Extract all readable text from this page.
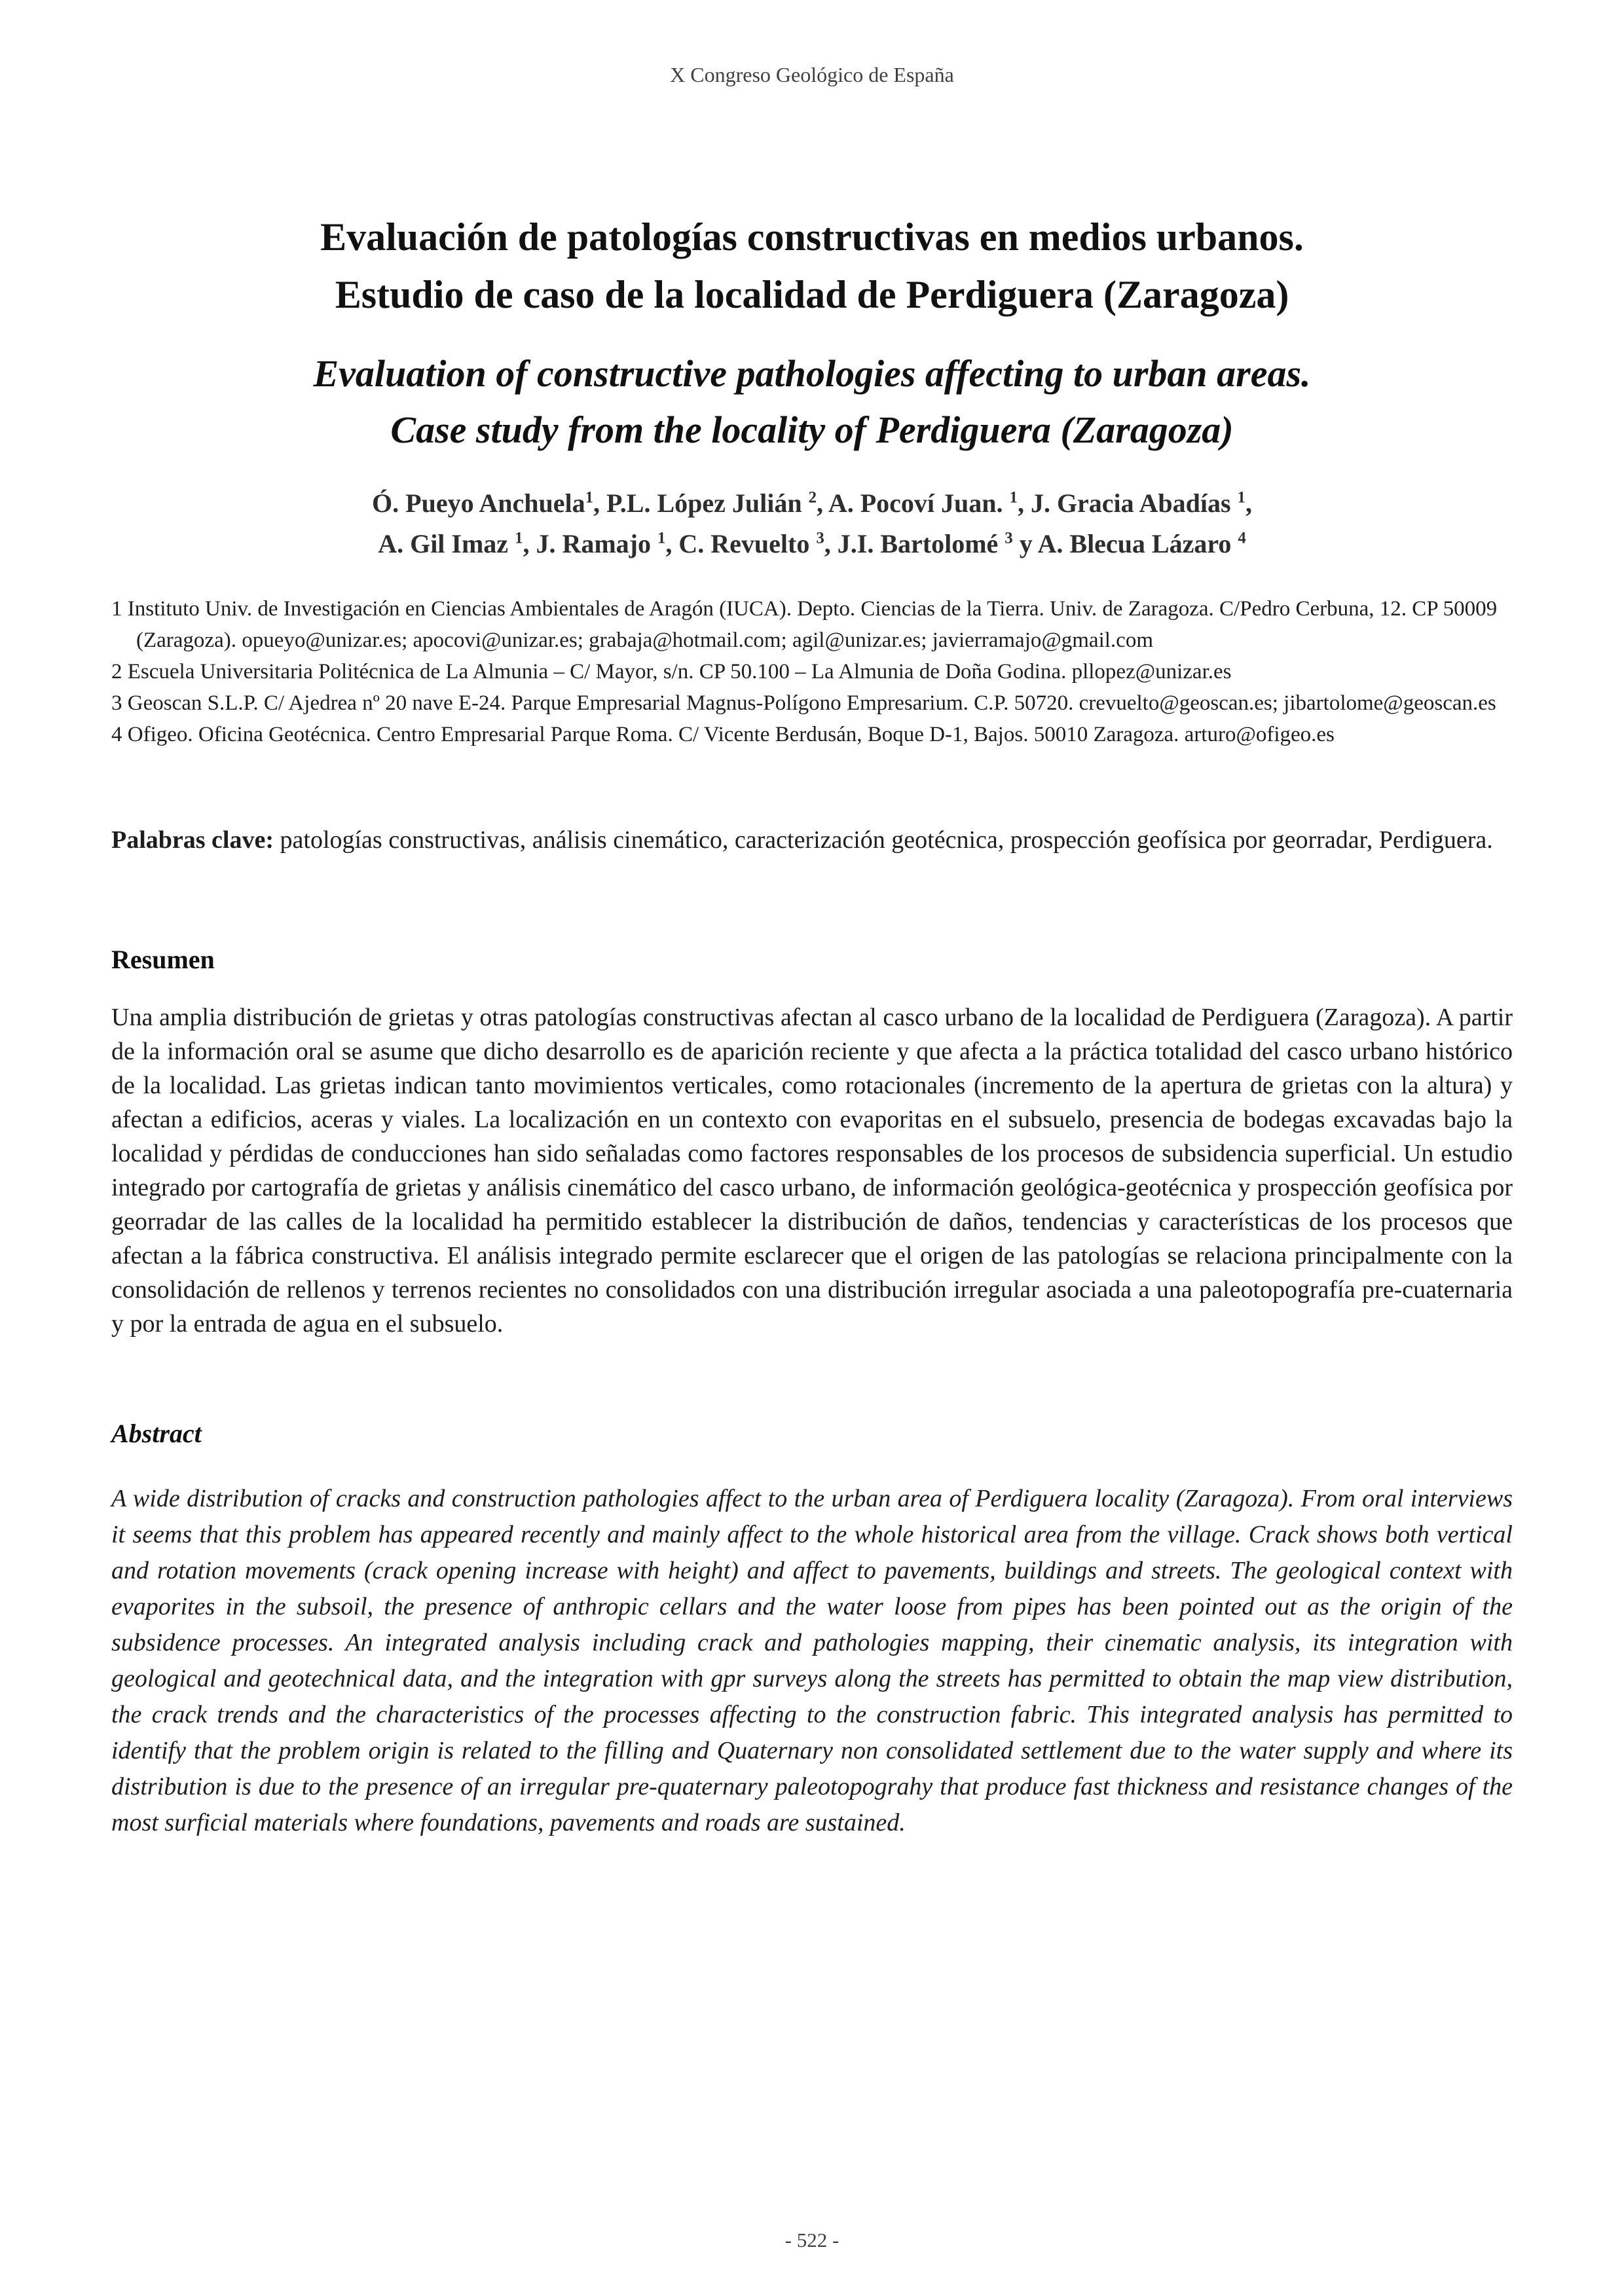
X Congreso Geológico de España
Evaluación de patologías constructivas en medios urbanos.
Estudio de caso de la localidad de Perdiguera (Zaragoza)
Evaluation of constructive pathologies affecting to urban areas.
Case study from the locality of Perdiguera (Zaragoza)

Ó. Pueyo Anchuela$^1$, P.L. López Julián $^2$, A. Pocoví Juan. $^1$, J. Gracia Abadías $^1$,
A. Gil Imaz $^1$, J. Ramajo $^1$, C. Revuelto $^3$, J.I. Bartolomé $^3$ y A. Blecua Lázaro $^4$

1 Instituto Univ. de Investigación en Ciencias Ambientales de Aragón (IUCA). Depto. Ciencias de la Tierra. Univ. de Zaragoza. C/Pedro Cerbuna, 12. CP 50009 (Zaragoza). opueyo@unizar.es; apocovi@unizar.es; grabaja@hotmail.com; agil@unizar.es; javierramajo@gmail.com

2 Escuela Universitaria Politécnica de La Almunia – C/ Mayor, s/n. CP 50.100 – La Almunia de Doña Godina. pllopez@unizar.es

3 Geoscan S.L.P. C/ Ajedrea nº 20 nave E-24. Parque Empresarial Magnus-Polígono Empresarium. C.P. 50720. crevuelto@geoscan.es; jibartolome@geoscan.es

4 Ofigeo. Oficina Geotécnica. Centro Empresarial Parque Roma. C/ Vicente Berdusán, Boque D-1, Bajos. 50010 Zaragoza. arturo@ofigeo.es

Palabras clave: patologías constructivas, análisis cinemático, caracterización geotécnica, prospección geofísica por georradar, Perdiguera.

Resumen

Una amplia distribución de grietas y otras patologías constructivas afectan al casco urbano de la localidad de Perdiguera (Zaragoza). A partir de la información oral se asume que dicho desarrollo es de aparición reciente y que afecta a la práctica totalidad del casco urbano histórico de la localidad. Las grietas indican tanto movimientos verticales, como rotacionales (incremento de la apertura de grietas con la altura) y afectan a edificios, aceras y viales. La localización en un contexto con evaporitas en el subsuelo, presencia de bodegas excavadas bajo la localidad y pérdidas de conducciones han sido señaladas como factores responsables de los procesos de subsidencia superficial. Un estudio integrado por cartografía de grietas y análisis cinemático del casco urbano, de información geológica-geotécnica y prospección geofísica por georradar de las calles de la localidad ha permitido establecer la distribución de daños, tendencias y características de los procesos que afectan a la fábrica constructiva. El análisis integrado permite esclarecer que el origen de las patologías se relaciona principalmente con la consolidación de rellenos y terrenos recientes no consolidados con una distribución irregular asociada a una paleotopografía pre-cuaternaria y por la entrada de agua en el subsuelo.

Abstract

A wide distribution of cracks and construction pathologies affect to the urban area of Perdiguera locality (Zaragoza). From oral interviews it seems that this problem has appeared recently and mainly affect to the whole historical area from the village. Crack shows both vertical and rotation movements (crack opening increase with height) and affect to pavements, buildings and streets. The geological context with evaporites in the subsoil, the presence of anthropic cellars and the water loose from pipes has been pointed out as the origin of the subsidence processes. An integrated analysis including crack and pathologies mapping, their cinematic analysis, its integration with geological and geotechnical data, and the integration with gpr surveys along the streets has permitted to obtain the map view distribution, the crack trends and the characteristics of the processes affecting to the construction fabric. This integrated analysis has permitted to identify that the problem origin is related to the filling and Quaternary non consolidated settlement due to the water supply and where its distribution is due to the presence of an irregular pre-quaternary paleotopograhy that produce fast thickness and resistance changes of the most surficial materials where foundations, pavements and roads are sustained.

- 522 -
